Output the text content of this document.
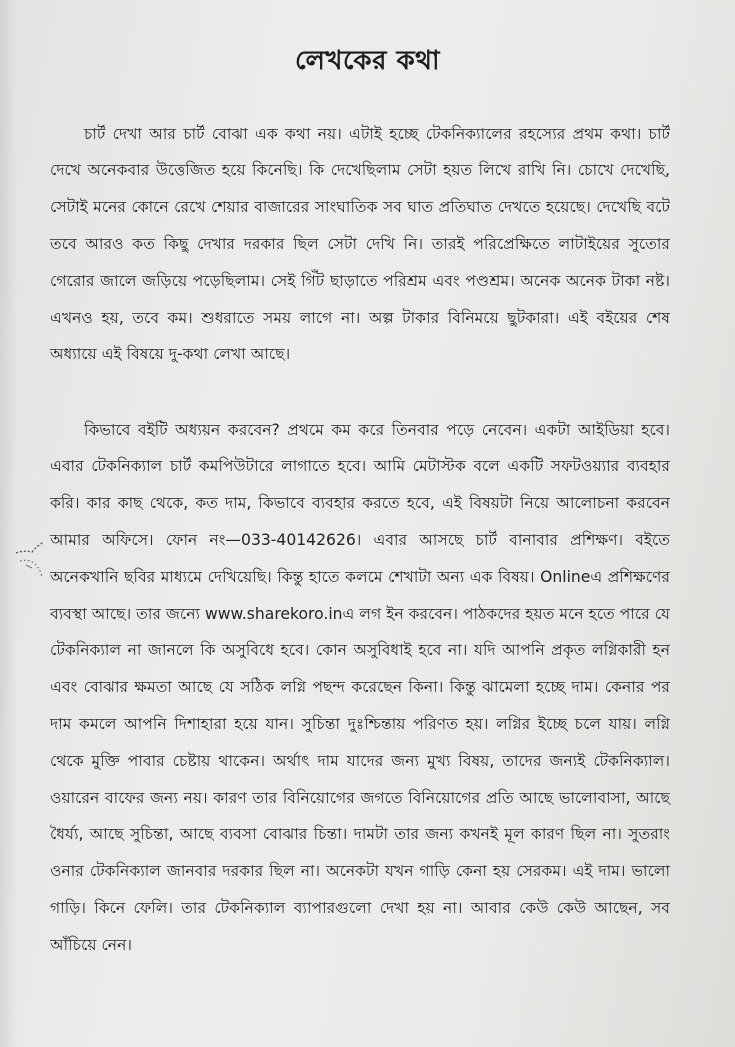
লেখকের কথা

চার্ট দেখা আর চার্ট বোঝা এক কথা নয়। এটাই হচ্ছে টেকনিক্যালের রহস্যের প্রথম কথা। চার্ট দেখে অনেকবার উত্তেজিত হয়ে কিনেছি। কি দেখেছিলাম সেটা হয়ত লিখে রাখি নি। চোখে দেখেছি, সেটাই মনের কোনে রেখে শেয়ার বাজারের সাংঘাতিক সব ঘাত প্রতিঘাত দেখতে হয়েছে। দেখেছি বটে তবে আরও কত কিছু দেখার দরকার ছিল সেটা দেখি নি। তারই পরিপ্রেক্ষিতে লাটাইয়ের সুতোর গেরোর জালে জড়িয়ে পড়েছিলাম। সেই গিঁট ছাড়াতে পরিশ্রম এবং পণ্ডশ্রম। অনেক অনেক টাকা নষ্ট। এখনও হয়, তবে কম। শুধরাতে সময় লাগে না। অল্প টাকার বিনিময়ে ছুটকারা। এই বইয়ের শেষ অধ্যায়ে এই বিষয়ে দু-কথা লেখা আছে।

কিভাবে বইটি অধ্যয়ন করবেন? প্রথমে কম করে তিনবার পড়ে নেবেন। একটা আইডিয়া হবে। এবার টেকনিক্যাল চার্ট কমপিউটারে লাগাতে হবে। আমি মেটাস্টক বলে একটি সফটওয়্যার ব্যবহার করি। কার কাছ থেকে, কত দাম, কিভাবে ব্যবহার করতে হবে, এই বিষয়টা নিয়ে আলোচনা করবেন আমার অফিসে। ফোন নং—033-40142626। এবার আসছে চার্ট বানাবার প্রশিক্ষণ। বইতে অনেকখানি ছবির মাধ্যমে দেখিয়েছি। কিন্তু হাতে কলমে শেখাটা অন্য এক বিষয়। Onlineএ প্রশিক্ষণের ব্যবস্থা আছে। তার জন্যে www.sharekoro.inএ লগ ইন করবেন। পাঠকদের হয়ত মনে হতে পারে যে টেকনিক্যাল না জানলে কি অসুবিধে হবে। কোন অসুবিধাই হবে না। যদি আপনি প্রকৃত লগ্নিকারী হন এবং বোঝার ক্ষমতা আছে যে সঠিক লগ্নি পছন্দ করেছেন কিনা। কিন্তু ঝামেলা হচ্ছে দাম। কেনার পর দাম কমলে আপনি দিশাহারা হয়ে যান। সুচিন্তা দুঃশ্চিন্তায় পরিণত হয়। লগ্নির ইচ্ছে চলে যায়। লগ্নি থেকে মুক্তি পাবার চেষ্টায় থাকেন। অর্থাৎ দাম যাদের জন্য মুখ্য বিষয়, তাদের জন্যই টেকনিক্যাল। ওয়ারেন বাফের জন্য নয়। কারণ তার বিনিয়োগের জগতে বিনিয়োগের প্রতি আছে ভালোবাসা, আছে ধৈর্য্য, আছে সুচিন্তা, আছে ব্যবসা বোঝার চিন্তা। দামটা তার জন্য কখনই মূল কারণ ছিল না। সুতরাং ওনার টেকনিক্যাল জানবার দরকার ছিল না। অনেকটা যখন গাড়ি কেনা হয় সেরকম। এই দাম। ভালো গাড়ি। কিনে ফেলি। তার টেকনিক্যাল ব্যাপারগুলো দেখা হয় না। আবার কেউ কেউ আছেন, সব আঁচিয়ে নেন।
